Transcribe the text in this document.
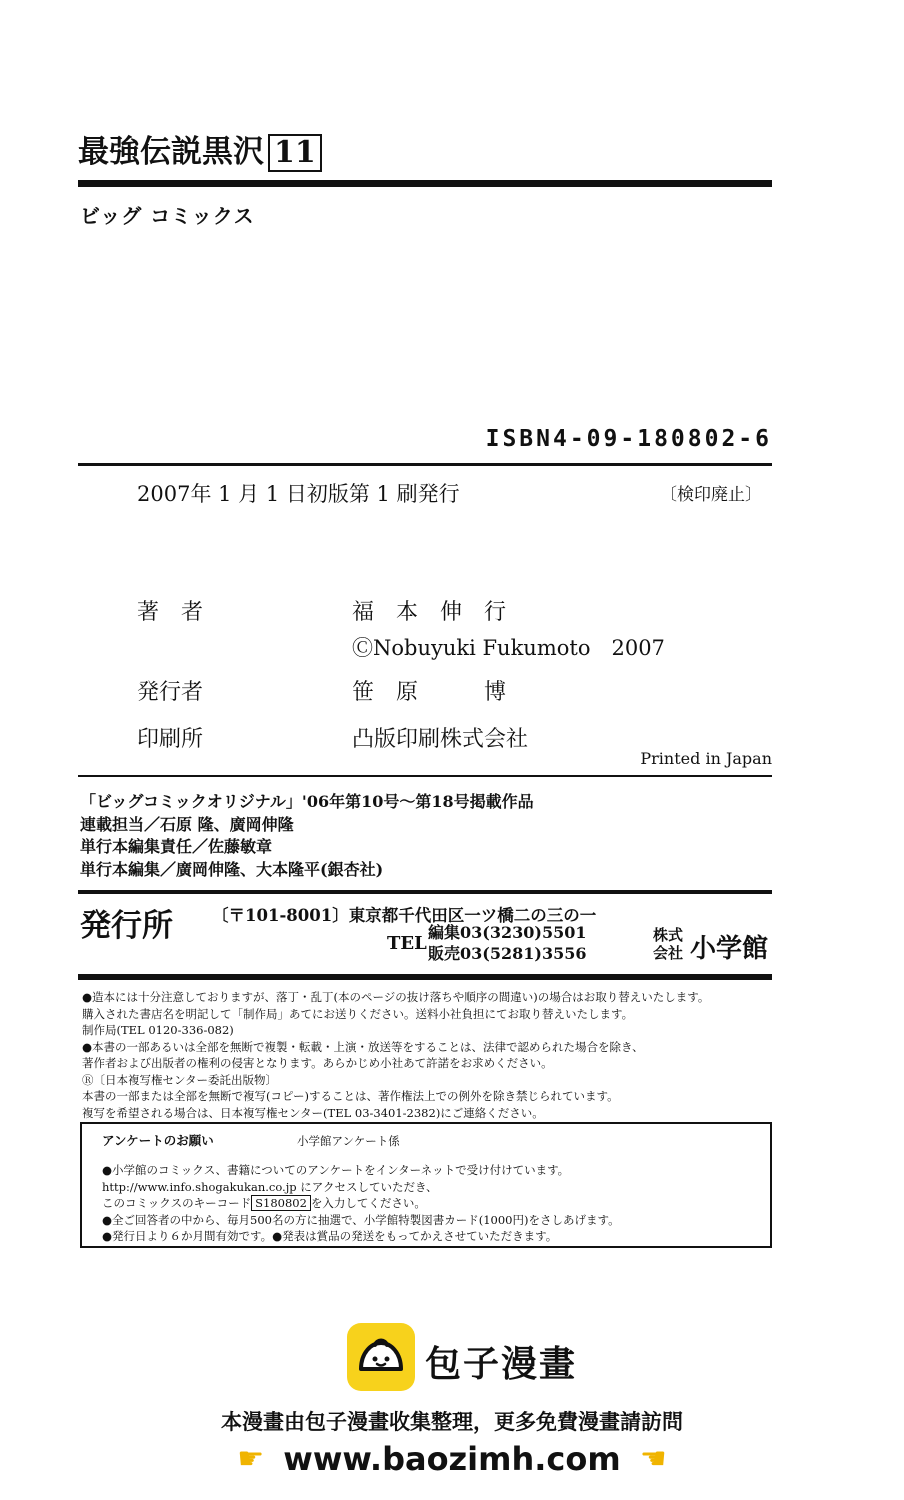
最強伝説黒沢 11
ビッグ コミックス
ISBN4-09-180802-6
2007年 1 月 1 日初版第 1 刷発行	〔検印廃止〕
著　者	福　本　伸　行
ⒸNobuyuki Fukumoto　2007
発行者	笹　原　　　博
印刷所	凸版印刷株式会社
Printed in Japan
「ビッグコミックオリジナル」'06年第10号〜第18号掲載作品
連載担当／石原 隆、廣岡伸隆
単行本編集責任／佐藤敏章
単行本編集／廣岡伸隆、大本隆平(銀杏社)
発行所 〔〒101-8001〕東京都千代田区一ツ橋二の三の一
TEL
編集03(3230)5501
販売03(5281)3556
株式
会社 小学館
●造本には十分注意しておりますが、落丁・乱丁(本のページの抜け落ちや順序の間違い)の場合はお取り替えいたします。
購入された書店名を明記して「制作局」あてにお送りください。送料小社負担にてお取り替えいたします。
制作局(TEL 0120-336-082)
●本書の一部あるいは全部を無断で複製・転載・上演・放送等をすることは、法律で認められた場合を除き、
著作者および出版者の権利の侵害となります。あらかじめ小社あて許諾をお求めください。
Ⓡ〔日本複写権センター委託出版物〕
本書の一部または全部を無断で複写(コピー)することは、著作権法上での例外を除き禁じられています。
複写を希望される場合は、日本複写権センター(TEL 03-3401-2382)にご連絡ください。
アンケートのお願い	小学館アンケート係
●小学館のコミックス、書籍についてのアンケートをインターネットで受け付けています。
http://www.info.shogakukan.co.jp にアクセスしていただき、
このコミックスのキーコード S180802 を入力してください。
●全ご回答者の中から、毎月500名の方に抽選で、小学館特製図書カード(1000円)をさしあげます。
●発行日より６か月間有効です。●発表は賞品の発送をもってかえさせていただきます。
包子漫畫
本漫畫由包子漫畫收集整理，更多免費漫畫請訪問
☛ www.baozimh.com ☚
